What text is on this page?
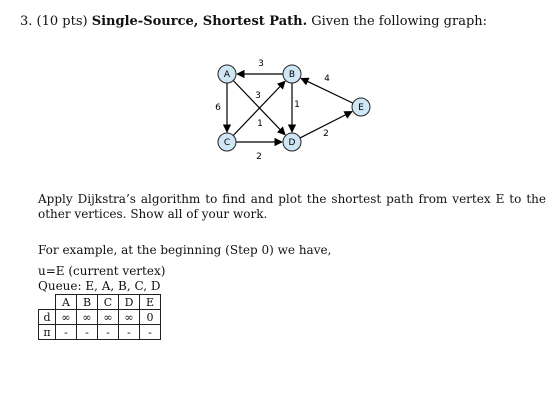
3. (10 pts) Single-Source, Shortest Path. Given the following graph:
A	B
C	D
E
3
6
3
1
1
2
4
2
Apply Dijkstra’s algorithm to find and plot the shortest path from vertex E to the other vertices. Show all of your work.
For example, at the beginning (Step 0) we have,
u=E (current vertex)
Queue: E, A, B, C, D
	A	B	C	D	E
d	∞	∞	∞	∞	0
π	-	-	-	-	-
